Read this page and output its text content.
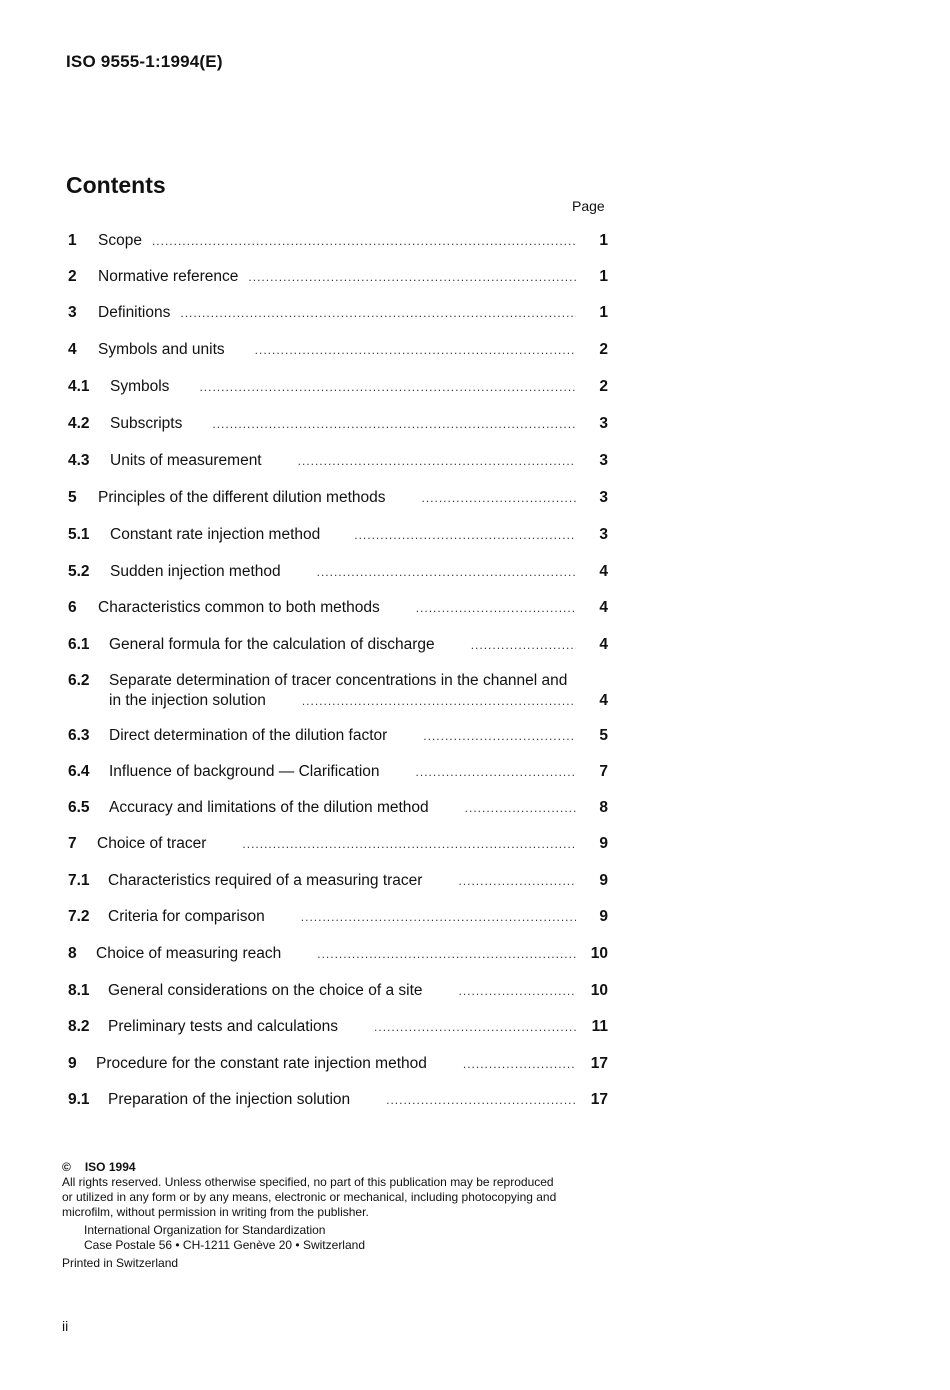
ISO 9555-1:1994(E)
Contents
Page
1	Scope .....	1
2	Normative reference .....	1
3	Definitions .....	1
4	Symbols and units .....	2
4.1	Symbols .....	2
4.2	Subscripts .....	3
4.3	Units of measurement .....	3
5	Principles of the different dilution methods .....	3
5.1	Constant rate injection method .....	3
5.2	Sudden injection method .....	4
6	Characteristics common to both methods .....	4
6.1	General formula for the calculation of discharge .....	4
6.2	Separate determination of tracer concentrations in the channel and
in the injection solution .....	4
6.3	Direct determination of the dilution factor .....	5
6.4	Influence of background — Clarification .....	7
6.5	Accuracy and limitations of the dilution method .....	8
7	Choice of tracer .....	9
7.1	Characteristics required of a measuring tracer .....	9
7.2	Criteria for comparison .....	9
8	Choice of measuring reach .....	10
8.1	General considerations on the choice of a site .....	10
8.2	Preliminary tests and calculations .....	11
9	Procedure for the constant rate injection method .....	17
9.1	Preparation of the injection solution .....	17
© ISO 1994
All rights reserved. Unless otherwise specified, no part of this publication may be reproduced
or utilized in any form or by any means, electronic or mechanical, including photocopying and
microfilm, without permission in writing from the publisher.
International Organization for Standardization
Case Postale 56 • CH-1211 Genève 20 • Switzerland
Printed in Switzerland
ii
